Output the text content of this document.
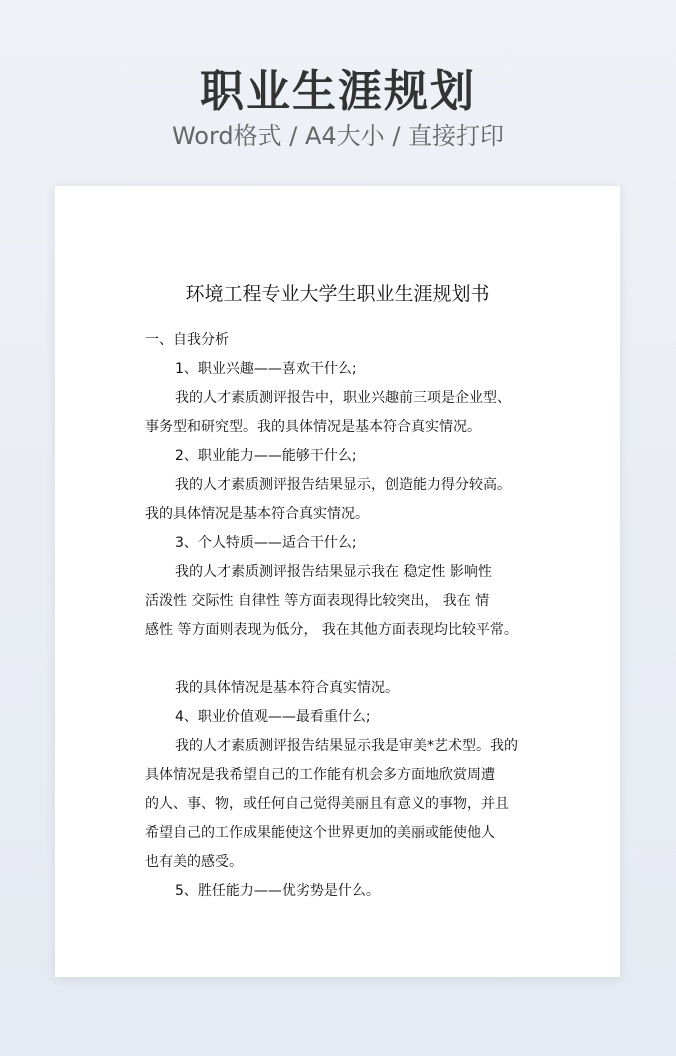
职业生涯规划
Word格式 / A4大小 / 直接打印
环境工程专业大学生职业生涯规划书

一、自我分析

1、职业兴趣——喜欢干什么;

我的人才素质测评报告中，职业兴趣前三项是企业型、

事务型和研究型。我的具体情况是基本符合真实情况。

2、职业能力——能够干什么;

我的人才素质测评报告结果显示，创造能力得分较高。

我的具体情况是基本符合真实情况。

3、个人特质——适合干什么;

我的人才素质测评报告结果显示我在 稳定性 影响性

活泼性 交际性 自律性 等方面表现得比较突出， 我在 情

感性 等方面则表现为低分， 我在其他方面表现均比较平常。

我的具体情况是基本符合真实情况。

4、职业价值观——最看重什么;

我的人才素质测评报告结果显示我是审美*艺术型。我的

具体情况是我希望自己的工作能有机会多方面地欣赏周遭

的人、事、物，或任何自己觉得美丽且有意义的事物，并且

希望自己的工作成果能使这个世界更加的美丽或能使他人

也有美的感受。

5、胜任能力——优劣势是什么。
